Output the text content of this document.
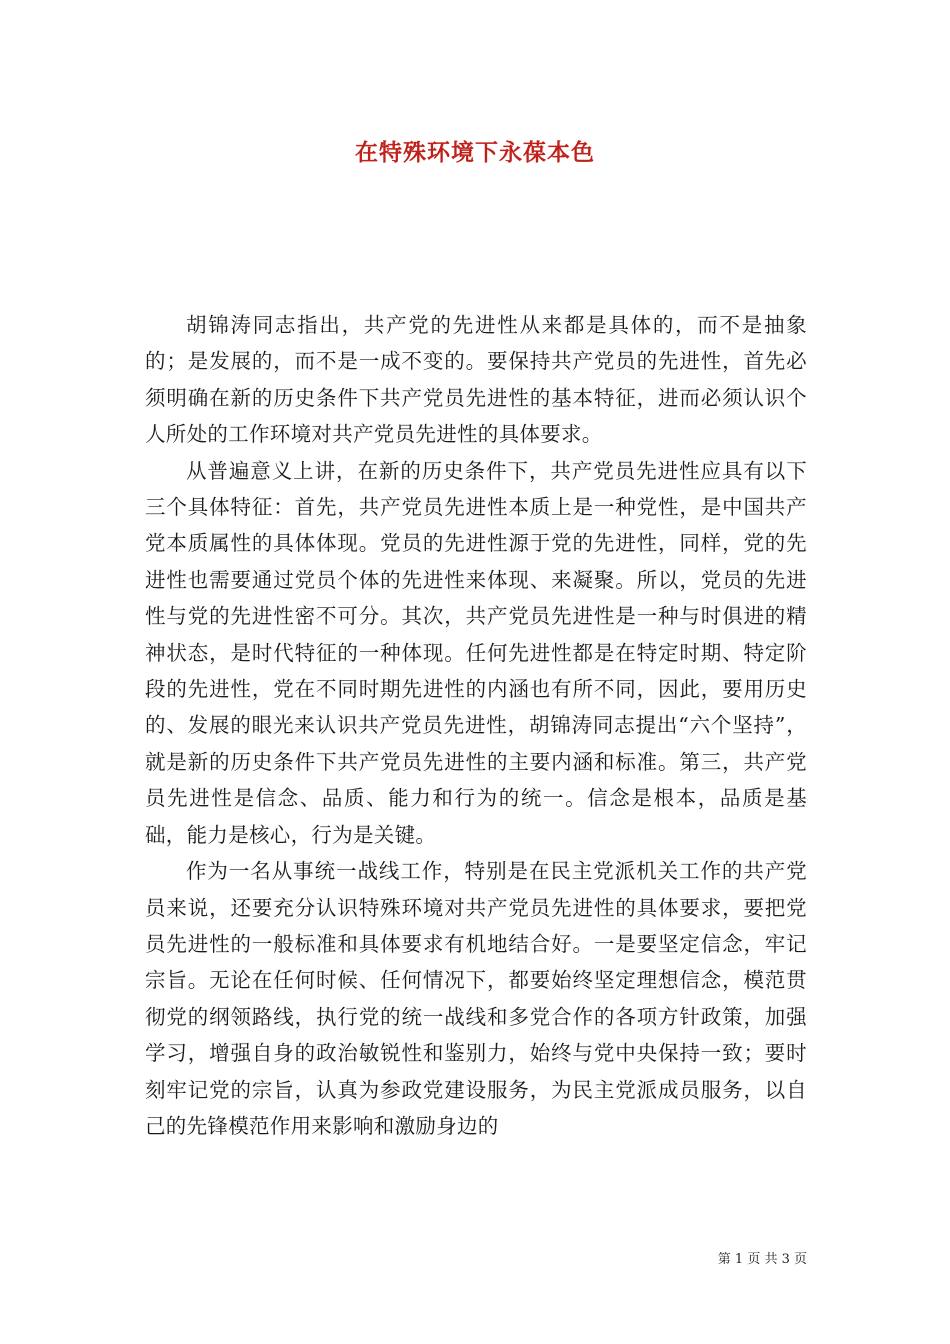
在特殊环境下永葆本色

胡锦涛同志指出，共产党的先进性从来都是具体的，而不是抽象的；是发展的，而不是一成不变的。要保持共产党员的先进性，首先必须明确在新的历史条件下共产党员先进性的基本特征，进而必须认识个人所处的工作环境对共产党员先进性的具体要求。

从普遍意义上讲，在新的历史条件下，共产党员先进性应具有以下三个具体特征：首先，共产党员先进性本质上是一种党性，是中国共产党本质属性的具体体现。党员的先进性源于党的先进性，同样，党的先进性也需要通过党员个体的先进性来体现、来凝聚。所以，党员的先进性与党的先进性密不可分。其次，共产党员先进性是一种与时俱进的精神状态，是时代特征的一种体现。任何先进性都是在特定时期、特定阶段的先进性，党在不同时期先进性的内涵也有所不同，因此，要用历史的、发展的眼光来认识共产党员先进性，胡锦涛同志提出“六个坚持”，就是新的历史条件下共产党员先进性的主要内涵和标准。第三，共产党员先进性是信念、品质、能力和行为的统一。信念是根本，品质是基础，能力是核心，行为是关键。

作为一名从事统一战线工作，特别是在民主党派机关工作的共产党员来说，还要充分认识特殊环境对共产党员先进性的具体要求，要把党员先进性的一般标准和具体要求有机地结合好。一是要坚定信念，牢记宗旨。无论在任何时候、任何情况下，都要始终坚定理想信念，模范贯彻党的纲领路线，执行党的统一战线和多党合作的各项方针政策，加强学习，增强自身的政治敏锐性和鉴别力，始终与党中央保持一致；要时刻牢记党的宗旨，认真为参政党建设服务，为民主党派成员服务，以自己的先锋模范作用来影响和激励身边的

第 1 页 共 3 页
